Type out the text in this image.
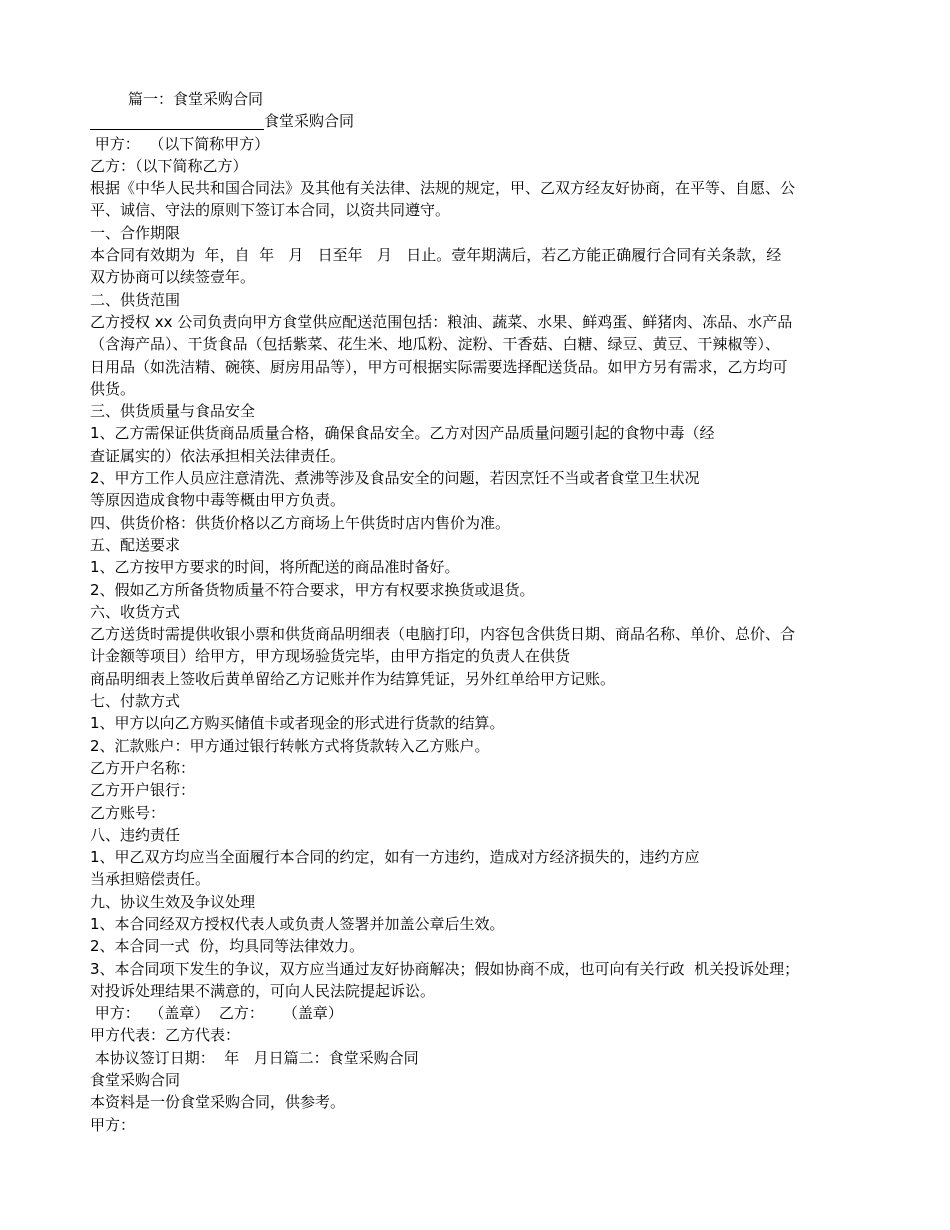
篇一：食堂采购合同
食堂采购合同
甲方：  （以下简称甲方）
乙方：（以下简称乙方）
根据《中华人民共和国合同法》及其他有关法律、法规的规定，甲、乙双方经友好协商，在平等、自愿、公
平、诚信、守法的原则下签订本合同，以资共同遵守。
一、合作期限
本合同有效期为  年，自  年   月   日至年   月   日止。壹年期满后，若乙方能正确履行合同有关条款，经
双方协商可以续签壹年。
二、供货范围
乙方授权 xx 公司负责向甲方食堂供应配送范围包括：粮油、蔬菜、水果、鲜鸡蛋、鲜猪肉、冻品、水产品
（含海产品）、干货食品（包括紫菜、花生米、地瓜粉、淀粉、干香菇、白糖、绿豆、黄豆、干辣椒等）、
日用品（如洗洁精、碗筷、厨房用品等），甲方可根据实际需要选择配送货品。如甲方另有需求，乙方均可
供货。
三、供货质量与食品安全
1、乙方需保证供货商品质量合格，确保食品安全。乙方对因产品质量问题引起的食物中毒（经
查证属实的）依法承担相关法律责任。
2、甲方工作人员应注意清洗、煮沸等涉及食品安全的问题，若因烹饪不当或者食堂卫生状况
等原因造成食物中毒等概由甲方负责。
四、供货价格：供货价格以乙方商场上午供货时店内售价为准。
五、配送要求
1、乙方按甲方要求的时间，将所配送的商品准时备好。
2、假如乙方所备货物质量不符合要求，甲方有权要求换货或退货。
六、收货方式
乙方送货时需提供收银小票和供货商品明细表（电脑打印，内容包含供货日期、商品名称、单价、总价、合
计金额等项目）给甲方，甲方现场验货完毕，由甲方指定的负责人在供货
商品明细表上签收后黄单留给乙方记账并作为结算凭证，另外红单给甲方记账。
七、付款方式
1、甲方以向乙方购买储值卡或者现金的形式进行货款的结算。
2、汇款账户：甲方通过银行转帐方式将货款转入乙方账户。
乙方开户名称：
乙方开户银行：
乙方账号：
八、违约责任
1、甲乙双方均应当全面履行本合同的约定，如有一方违约，造成对方经济损失的，违约方应
当承担赔偿责任。
九、协议生效及争议处理
1、本合同经双方授权代表人或负责人签署并加盖公章后生效。
2、本合同一式  份，均具同等法律效力。
3、本合同项下发生的争议，双方应当通过友好协商解决；假如协商不成，也可向有关行政  机关投诉处理；
对投诉处理结果不满意的，可向人民法院提起诉讼。
甲方：  （盖章）  乙方：    （盖章）
甲方代表：乙方代表：
本协议签订日期：  年   月日篇二：食堂采购合同
食堂采购合同
本资料是一份食堂采购合同，供参考。
甲方：
